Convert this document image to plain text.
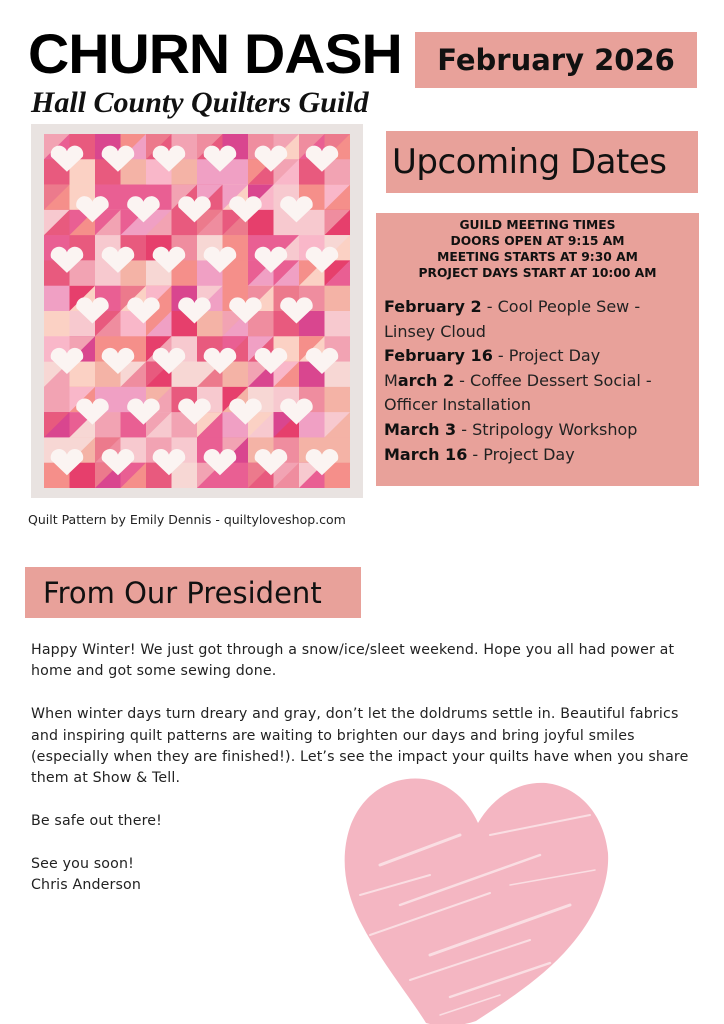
CHURN DASH
Hall County Quilters Guild
February 2026
Quilt Pattern by Emily Dennis - quiltyloveshop.com
Upcoming Dates
GUILD MEETING TIMES
DOORS OPEN AT 9:15 AM
MEETING STARTS AT 9:30 AM
PROJECT DAYS START AT 10:00 AM
February 2 - Cool People Sew - Linsey Cloud
February 16 - Project Day
March 2 - Coffee Dessert Social - Officer Installation
March 3 - Stripology Workshop
March 16 - Project Day
From Our President

Happy Winter! We just got through a snow/ice/sleet weekend. Hope you all had power at home and got some sewing done.

When winter days turn dreary and gray, don’t let the doldrums settle in. Beautiful fabrics and inspiring quilt patterns are waiting to brighten our days and bring joyful smiles (especially when they are finished!). Let’s see the impact your quilts have when you share them at Show & Tell.

Be safe out there!

See you soon!

Chris Anderson
